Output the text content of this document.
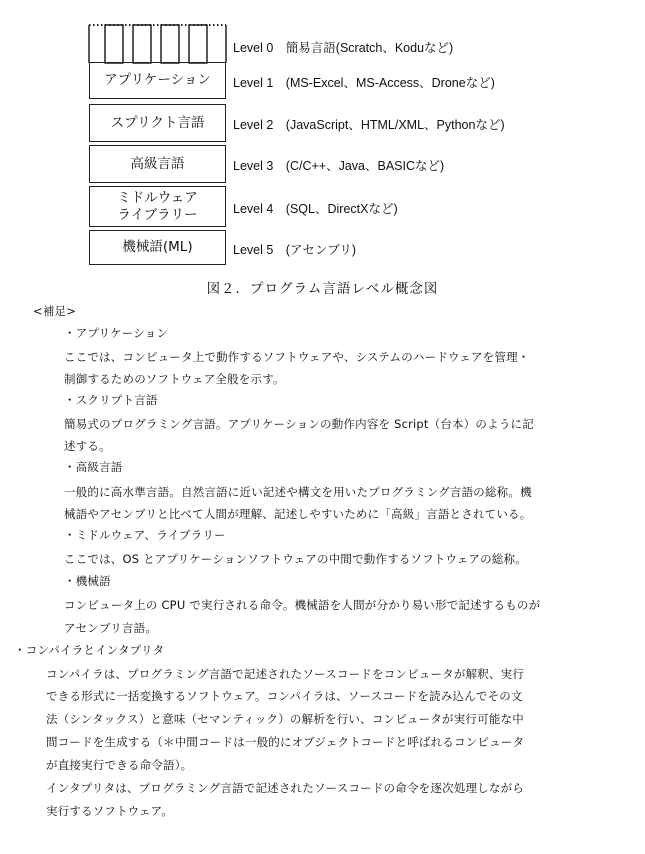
アプリケーション
スプリクト言語
高級言語
ミドルウェア
ライブラリー
機械語(ML)
Level 0　簡易言語(Scratch、Koduなど)
Level 1　(MS-Excel、MS-Access、Droneなど)
Level 2　(JavaScript、HTML/XML、Pythonなど)
Level 3　(C/C++、Java、BASICなど)
Level 4　(SQL、DirectXなど)
Level 5　(アセンブリ)
図２．プログラム言語レベル概念図
<補足>
・アプリケーション
ここでは、コンピュータ上で動作するソフトウェアや、システムのハードウェアを管理・
制御するためのソフトウェア全般を示す。
・スクリプト言語
簡易式のプログラミング言語。アプリケーションの動作内容を Script（台本）のように記
述する。
・高級言語
一般的に高水準言語。自然言語に近い記述や構文を用いたプログラミング言語の総称。機
械語やアセンブリと比べて人間が理解、記述しやすいために「高級」言語とされている。
・ミドルウェア、ライブラリー
ここでは、OS とアプリケーションソフトウェアの中間で動作するソフトウェアの総称。
・機械語
コンピュータ上の CPU で実行される命令。機械語を人間が分かり易い形で記述するものが
アセンブリ言語。
・コンパイラとインタプリタ
コンパイラは、プログラミング言語で記述されたソースコードをコンピュータが解釈、実行
できる形式に一括変換するソフトウェア。コンパイラは、ソースコードを読み込んでその文
法（シンタックス）と意味（セマンティック）の解析を行い、コンピュータが実行可能な中
間コードを生成する（＊中間コードは一般的にオブジェクトコードと呼ばれるコンピュータ
が直接実行できる命令語）。
インタプリタは、プログラミング言語で記述されたソースコードの命令を逐次処理しながら
実行するソフトウェア。
